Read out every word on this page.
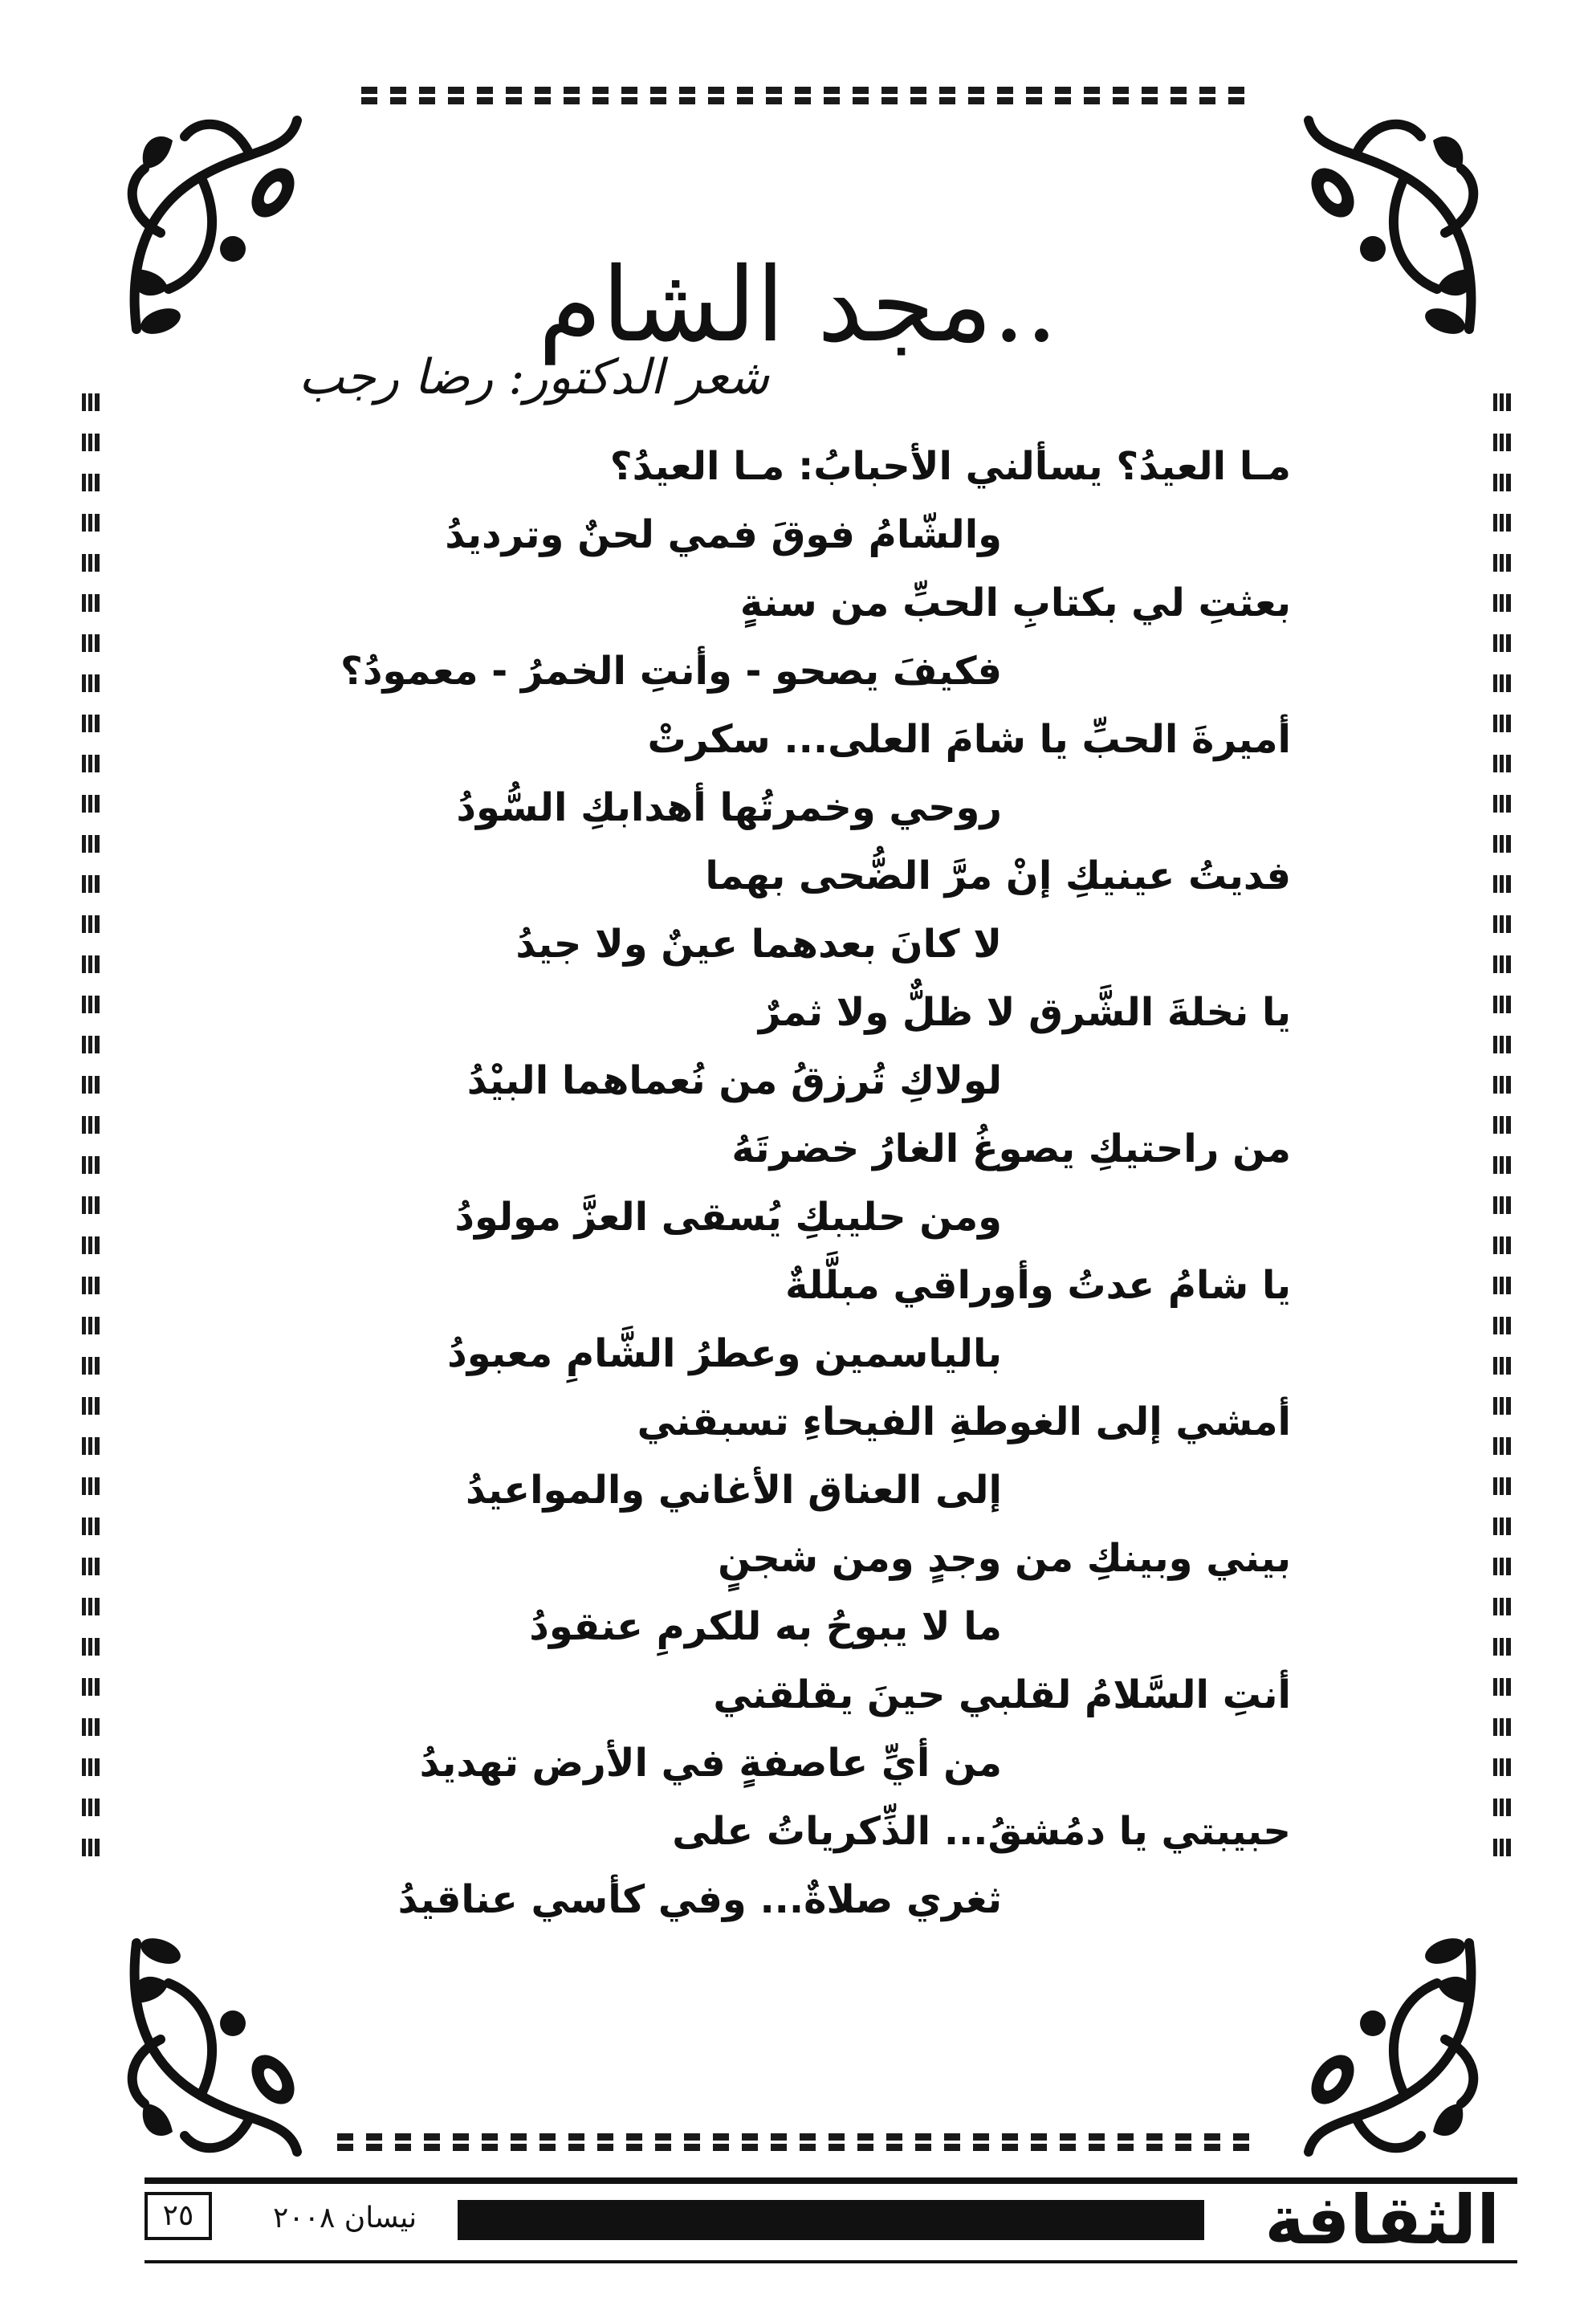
مجد الشام..
شعر الدكتور: رضا رجب
مـا العيدُ؟ يسألني الأحبابُ: مـا العيدُ؟
والشّامُ فوقَ فمي لحنٌ وترديدُ
بعثتِ لي بكتابِ الحبِّ من سنةٍ
فكيفَ يصحو - وأنتِ الخمرُ - معمودُ؟
أميرةَ الحبِّ يا شامَ العلى... سكرتْ
روحي وخمرتُها أهدابكِ السُّودُ
فديتُ عينيكِ إنْ مرَّ الضُّحى بهما
لا كانَ بعدهما عينٌ ولا جيدُ
يا نخلةَ الشَّرق لا ظلٌّ ولا ثمرٌ
لولاكِ تُرزقُ من نُعماهما البيْدُ
من راحتيكِ يصوغُ الغارُ خضرتَهُ
ومن حليبكِ يُسقى العزَّ مولودُ
يا شامُ عدتُ وأوراقي مبلَّلةٌ
بالياسمين وعطرُ الشَّامِ معبودُ
أمشي إلى الغوطةِ الفيحاءِ تسبقني
إلى العناق الأغاني والمواعيدُ
بيني وبينكِ من وجدٍ ومن شجنٍ
ما لا يبوحُ به للكرمِ عنقودُ
أنتِ السَّلامُ لقلبي حينَ يقلقني
من أيِّ عاصفةٍ في الأرض تهديدُ
حبيبتي يا دمُشقُ... الذِّكرياتُ على
ثغري صلاةٌ... وفي كأسي عناقيدُ
الثقافة
نيسان ٢٠٠٨
٢٥
